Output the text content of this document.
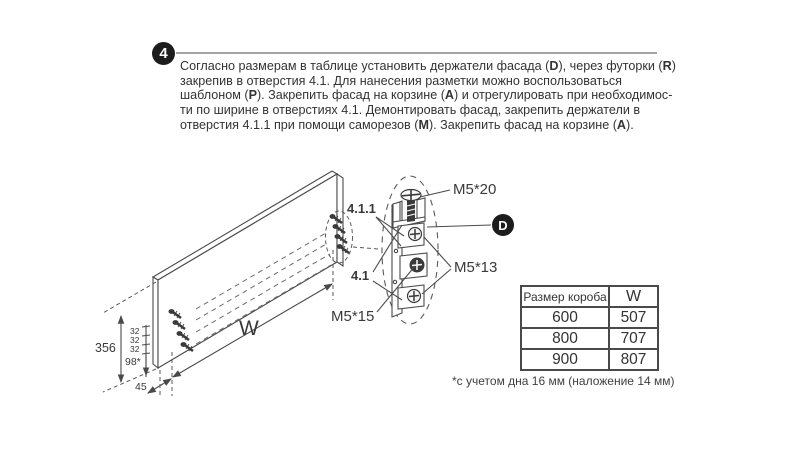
4
Согласно размерам в таблице установить держатели фасада (D), через футорки (R)
закрепив в отверстия 4.1. Для нанесения разметки можно воспользоваться
шаблоном (P). Закрепить фасад на корзине (A) и отрегулировать при необходимос-
ти по ширине в отверстиях 4.1. Демонтировать фасад, закрепить держатели в
отверстия 4.1.1 при помощи саморезов (M). Закрепить фасад на корзине (A).
4.1.1
4.1
M5*20
M5*13
M5*15
D
W
356
32
32
32
98*
45
Размер короба	W
600	507
800	707
900	807
*с учетом дна 16 мм (наложение 14 мм)
